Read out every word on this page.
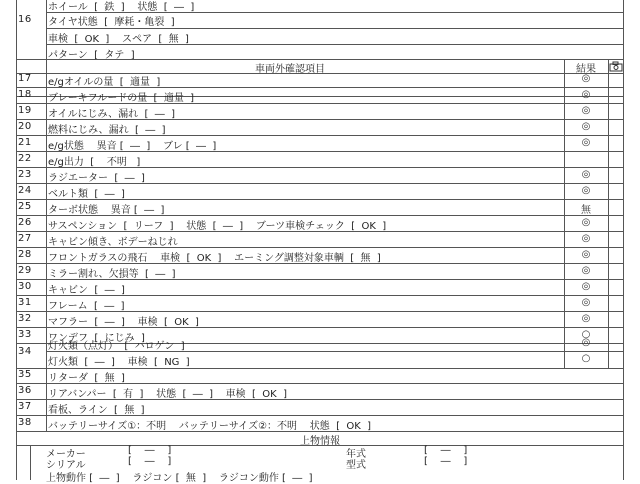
16
ホイール  [  鉄  ]    状態  [  ―  ]
タイヤ状態  [  摩耗・亀裂  ]
車検  [  OK  ]    スペア  [  無  ]
パターン  [  タテ  ]
車両外確認項目	結果
17 e/gオイルの量  [  適量  ]	◎
18 ブレーキフルードの量  [  適量  ]	◎
19 オイルにじみ、漏れ  [  ―  ]	◎
20 燃料にじみ、漏れ  [  ―  ]	◎
21 e/g状態    異音 [  ―  ]    ブレ [  ―  ]	◎
22 e/g出力  [    不明   ]
23 ラジエーター  [  ―  ]	◎
24 ベルト類  [  ―  ]	◎
25 ターボ状態    異音 [  ―  ]	無
26 サスペンション  [  リーフ  ]    状態  [  ―  ]    ブーツ車検チェック  [  OK  ]	◎
27 キャビン傾き、ボデーねじれ	◎
28 フロントガラスの飛石    車検  [  OK  ]    エーミング調整対象車輌  [  無  ]	◎
29 ミラー割れ、欠損等  [  ―  ]	◎
30 キャビン  [  ―  ]	◎
31 フレーム  [  ―  ]	◎
32 マフラー  [  ―  ]    車検  [  OK  ]	◎
33 ワンデフ  [  にじみ  ]	○
34 灯火類（点灯）  [  ハロゲン  ]	◎
灯火類  [  ―  ]    車検  [  NG  ]	○
35 リターダ  [  無  ]
36 リアバンパー  [  有  ]    状態  [  ―  ]    車検  [  OK  ]
37 看板、ライン  [  無  ]
38 バッテリーサイズ①：不明    バッテリーサイズ②：不明    状態  [  OK  ]
上物情報
メーカー	[    ―    ]	年式	[    ―    ]
シリアル	[    ―    ]	型式	[    ―    ]
上物動作 [  ―  ]    ラジコン [  無  ]    ラジコン動作 [  ―  ]
